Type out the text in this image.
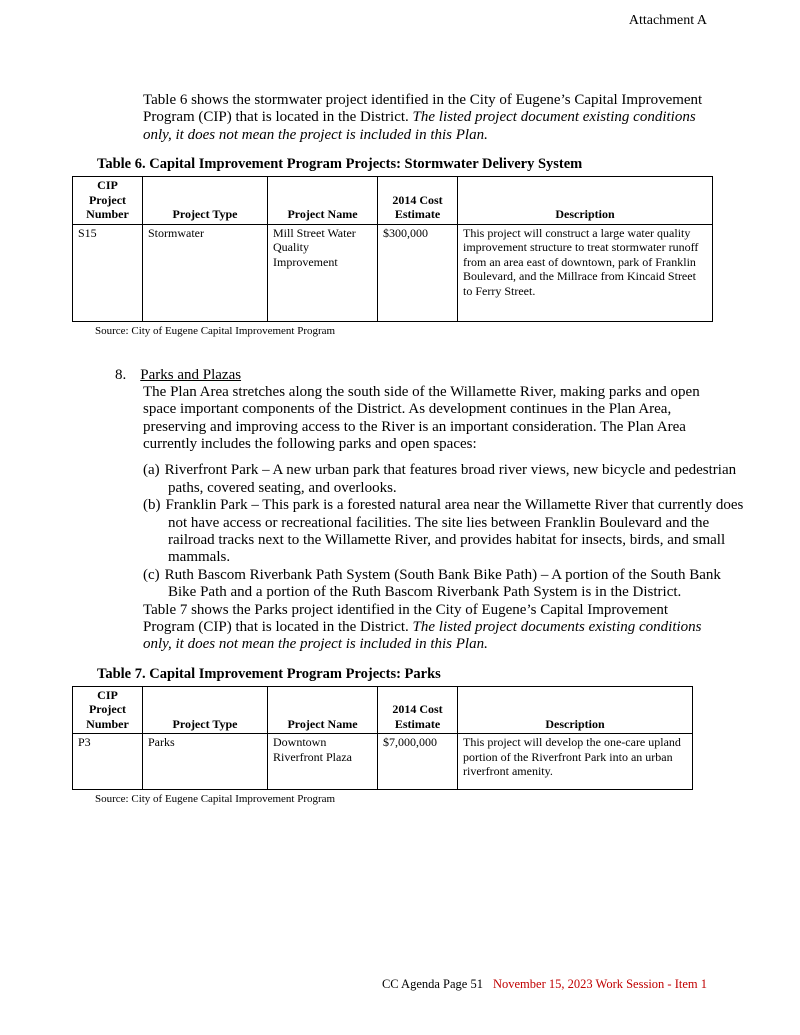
Attachment A

Table 6 shows the stormwater project identified in the City of Eugene’s Capital Improvement Program (CIP) that is located in the District. The listed project document existing conditions only, it does not mean the project is included in this Plan.

Table 6. Capital Improvement Program Projects: Stormwater Delivery System
CIP Project Number	Project Type	Project Name	2014 Cost Estimate	Description
S15	Stormwater	Mill Street Water Quality Improvement	$300,000	This project will construct a large water quality improvement structure to treat stormwater runoff from an area east of downtown, park of Franklin Boulevard, and the Millrace from Kincaid Street to Ferry Street.
Source: City of Eugene Capital Improvement Program
8. Parks and Plazas

The Plan Area stretches along the south side of the Willamette River, making parks and open space important components of the District. As development continues in the Plan Area, preserving and improving access to the River is an important consideration. The Plan Area currently includes the following parks and open spaces:

(a) Riverfront Park – A new urban park that features broad river views, new bicycle and pedestrian paths, covered seating, and overlooks.
(b) Franklin Park – This park is a forested natural area near the Willamette River that currently does not have access or recreational facilities. The site lies between Franklin Boulevard and the railroad tracks next to the Willamette River, and provides habitat for insects, birds, and small mammals.
(c) Ruth Bascom Riverbank Path System (South Bank Bike Path) – A portion of the South Bank Bike Path and a portion of the Ruth Bascom Riverbank Path System is in the District.

Table 7 shows the Parks project identified in the City of Eugene’s Capital Improvement Program (CIP) that is located in the District. The listed project documents existing conditions only, it does not mean the project is included in this Plan.

Table 7. Capital Improvement Program Projects: Parks
CIP Project Number	Project Type	Project Name	2014 Cost Estimate	Description
P3	Parks	Downtown Riverfront Plaza	$7,000,000	This project will develop the one-care upland portion of the Riverfront Park into an urban riverfront amenity.
Source: City of Eugene Capital Improvement Program
CC Agenda Page 51 November 15, 2023 Work Session - Item 1
